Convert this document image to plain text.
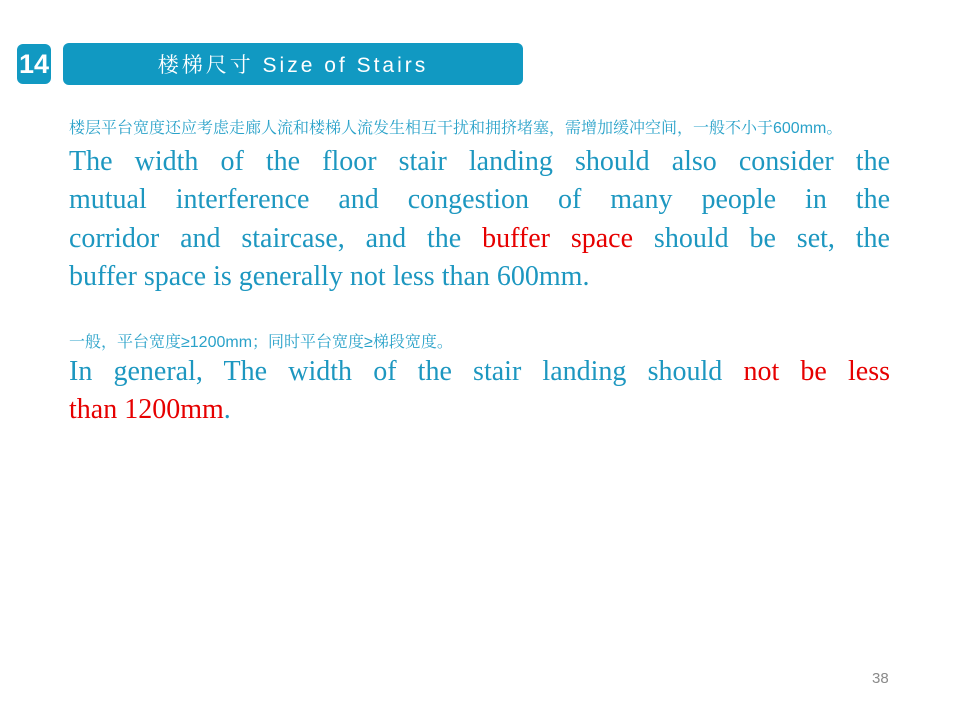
14	楼梯尺寸 Size of Stairs

楼层平台宽度还应考虑走廊人流和楼梯人流发生相互干扰和拥挤堵塞，需增加缓冲空间，一般不小于600mm。

The width of the floor stair landing should also consider the
mutual interference and congestion of many people in the
corridor and staircase, and the buffer space should be set, the
buffer space is generally not less than 600mm.

一般，平台宽度≥1200mm；同时平台宽度≥梯段宽度。

In general, The width of the stair landing should not be less
than 1200mm.
38
